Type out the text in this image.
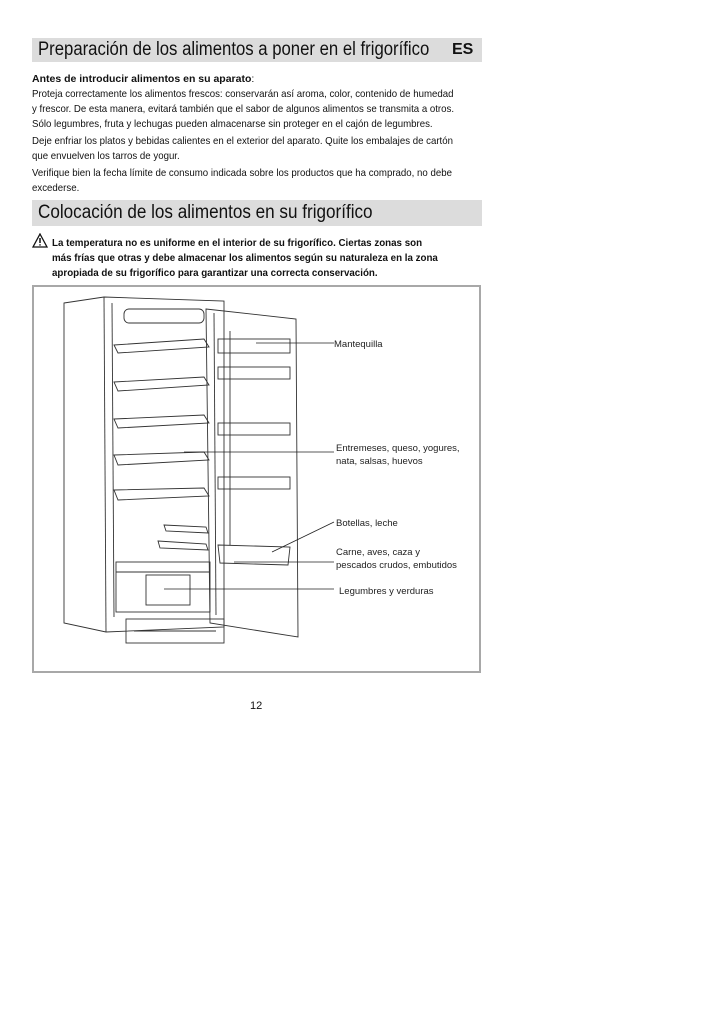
Preparación de los alimentos a poner en el frigorífico ES
Antes de introducir alimentos en su aparato:
Proteja correctamente los alimentos frescos: conservarán así aroma, color, contenido de humedad
y frescor. De esta manera, evitará también que el sabor de algunos alimentos se transmita a otros.
Sólo legumbres, fruta y lechugas pueden almacenarse sin proteger en el cajón de legumbres.
Deje enfriar los platos y bebidas calientes en el exterior del aparato. Quite los embalajes de cartón
que envuelven los tarros de yogur.
Verifique bien la fecha límite de consumo indicada sobre los productos que ha comprado, no debe
excederse.
Colocación de los alimentos en su frigorífico
La temperatura no es uniforme en el interior de su frigorífico. Ciertas zonas son
más frías que otras y debe almacenar los alimentos según su naturaleza en la zona
apropiada de su frigorífico para garantizar una correcta conservación.
Mantequilla
Entremeses, queso, yogures,
nata, salsas, huevos
Botellas, leche
Carne, aves, caza y
pescados crudos, embutidos
Legumbres y verduras
12
